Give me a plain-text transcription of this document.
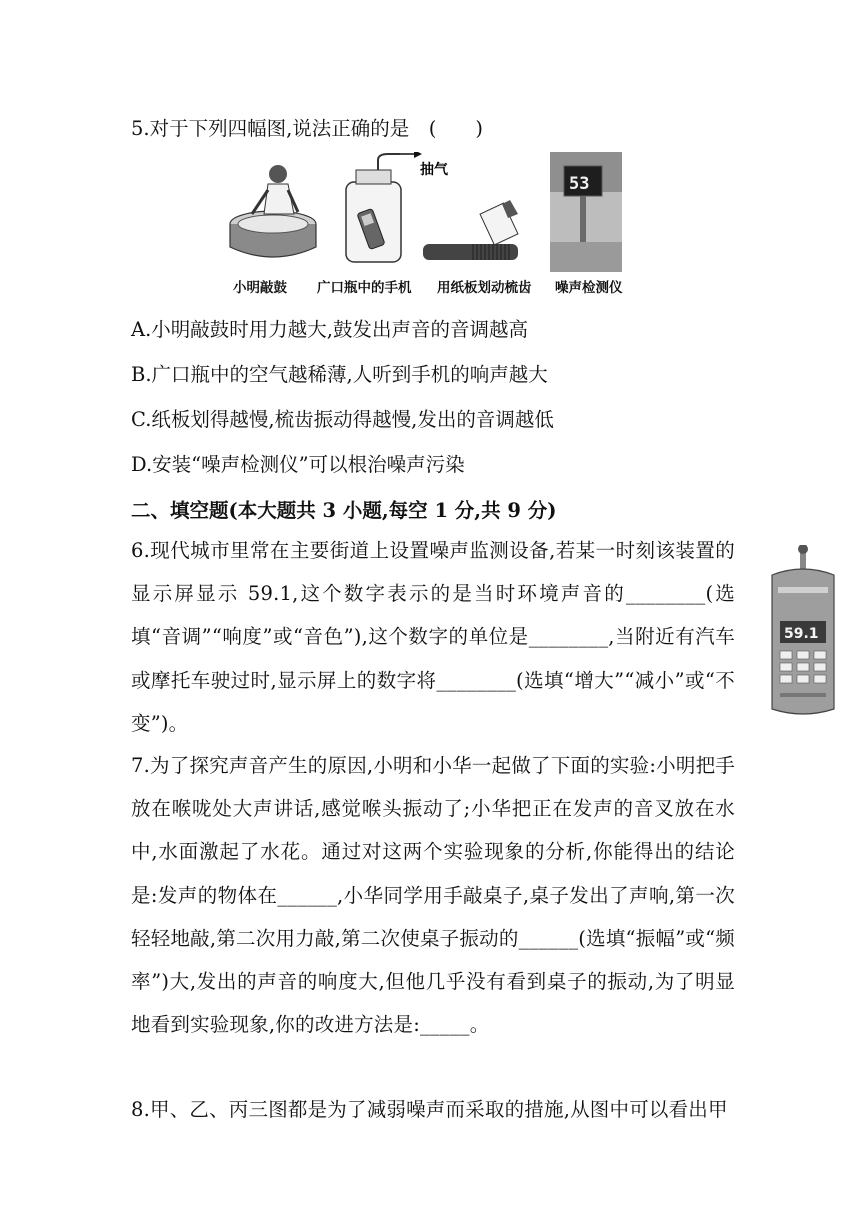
5.对于下列四幅图,说法正确的是　(　　)
抽气
53
小明敲鼓 广口瓶中的手机 用纸板划动梳齿 噪声检测仪
A.小明敲鼓时用力越大,鼓发出声音的音调越高
B.广口瓶中的空气越稀薄,人听到手机的响声越大
C.纸板划得越慢,梳齿振动得越慢,发出的音调越低
D.安装“噪声检测仪”可以根治噪声污染
二、填空题(本大题共 3 小题,每空 1 分,共 9 分)
6.现代城市里常在主要街道上设置噪声监测设备,若某一时刻该装置的显示屏显示 59.1,这个数字表示的是当时环境声音的________(选填“音调”“响度”或“音色”),这个数字的单位是________,当附近有汽车或摩托车驶过时,显示屏上的数字将________(选填“增大”“减小”或“不变”)。
59.1
7.为了探究声音产生的原因,小明和小华一起做了下面的实验:小明把手放在喉咙处大声讲话,感觉喉头振动了;小华把正在发声的音叉放在水中,水面激起了水花。通过对这两个实验现象的分析,你能得出的结论是:发声的物体在______,小华同学用手敲桌子,桌子发出了声响,第一次轻轻地敲,第二次用力敲,第二次使桌子振动的______(选填“振幅”或“频率”)大,发出的声音的响度大,但他几乎没有看到桌子的振动,为了明显地看到实验现象,你的改进方法是:_____。
8.甲、乙、丙三图都是为了减弱噪声而采取的措施,从图中可以看出甲
